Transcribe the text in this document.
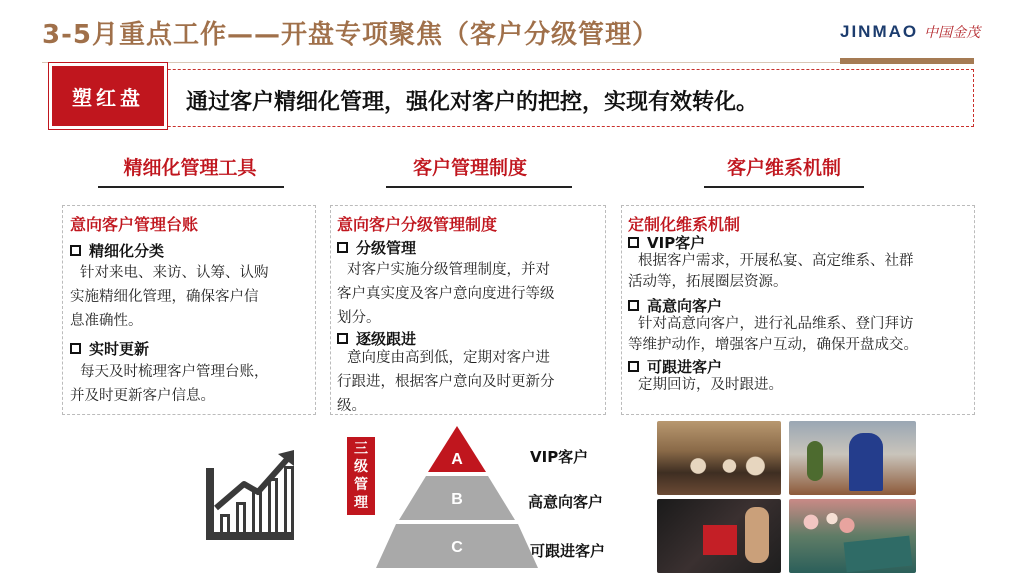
3-5月重点工作——开盘专项聚焦（客户分级管理）	JINMAO 中国金茂
塑红盘	通过客户精细化管理，强化对客户的把控，实现有效转化。
精细化管理工具	客户管理制度	客户维系机制
意向客户管理台账
精细化分类
针对来电、来访、认筹、认购
实施精细化管理，确保客户信
息准确性。
实时更新
每天及时梳理客户管理台账，
并及时更新客户信息。
意向客户分级管理制度
分级管理
对客户实施分级管理制度，并对
客户真实度及客户意向度进行等级
划分。
逐级跟进
意向度由高到低，定期对客户进
行跟进，根据客户意向及时更新分
级。
定制化维系机制
VIP客户
根据客户需求，开展私宴、高定维系、社群
活动等，拓展圈层资源。
高意向客户
针对高意向客户，进行礼品维系、登门拜访
等维护动作，增强客户互动，确保开盘成交。
可跟进客户
定期回访，及时跟进。
三
级
管
理
A
B
C
VIP客户
高意向客户
可跟进客户
